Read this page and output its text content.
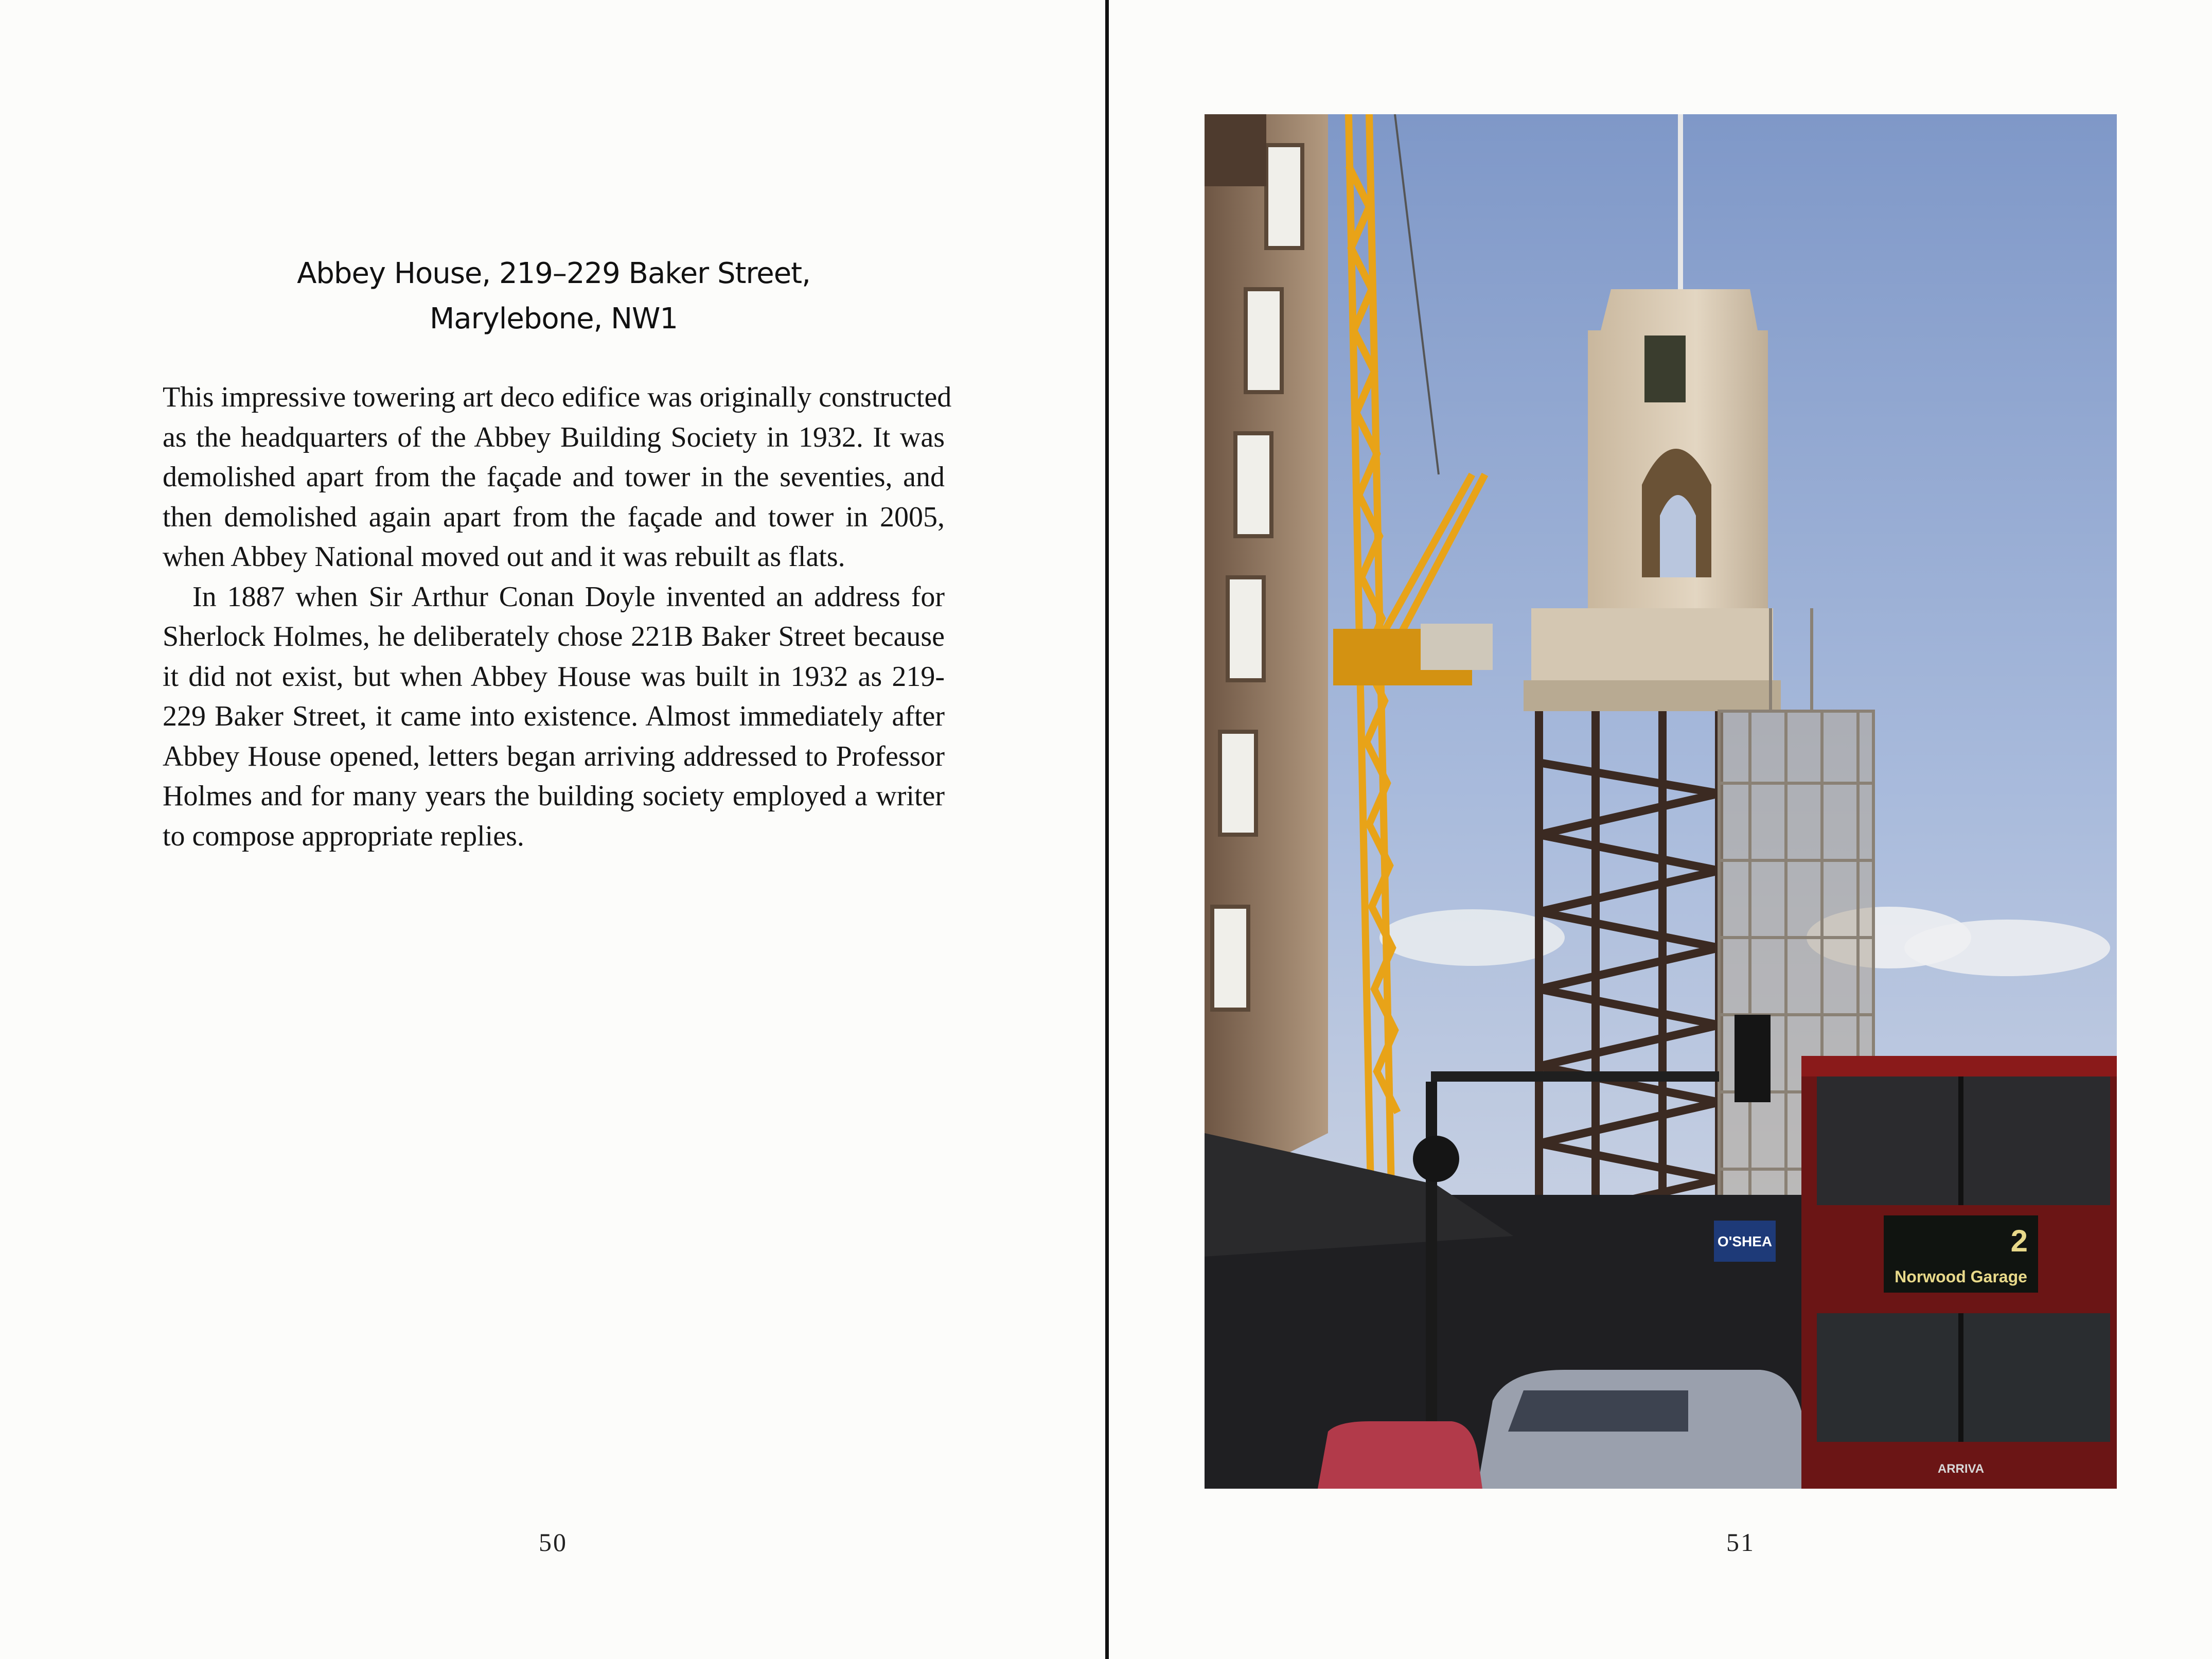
Abbey House, 219–229 Baker Street,
Marylebone, NW1
This impressive towering art deco edifice was originally constructed
as the headquarters of the Abbey Building Society in 1932. It was
demolished apart from the façade and tower in the seventies, and
then demolished again apart from the façade and tower in 2005,
when Abbey National moved out and it was rebuilt as flats.
In 1887 when Sir Arthur Conan Doyle invented an address for
Sherlock Holmes, he deliberately chose 221B Baker Street because
it did not exist, but when Abbey House was built in 1932 as 219-
229 Baker Street, it came into existence. Almost immediately after
Abbey House opened, letters began arriving addressed to Professor
Holmes and for many years the building society employed a writer
to compose appropriate replies.
50
O'SHEA	2
Norwood Garage
ARRIVA
51
